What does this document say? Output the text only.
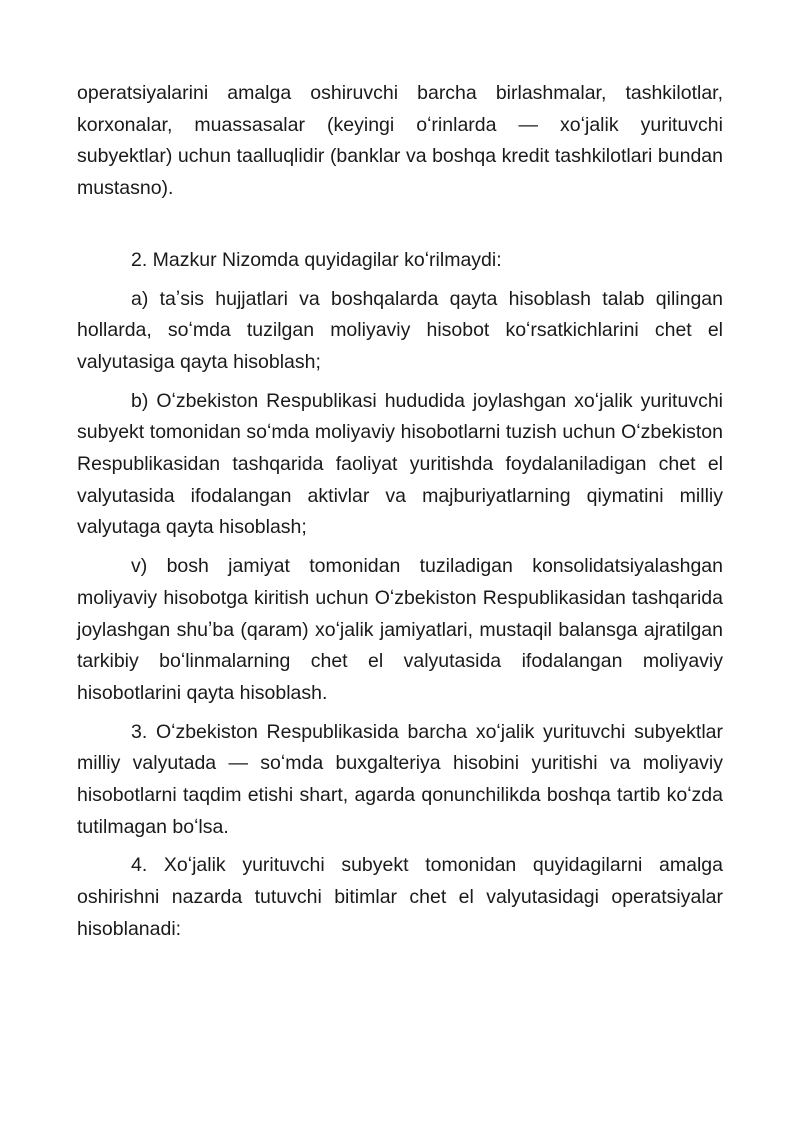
operatsiyalarini amalga oshiruvchi barcha birlashmalar, tashkilotlar, korxonalar, muassasalar (keyingi oʻrinlarda — xoʻjalik yurituvchi subyektlar) uchun taalluqlidir (banklar va boshqa kredit tashkilotlari bundan mustasno).

2. Mazkur Nizomda quyidagilar koʻrilmaydi:

a) taʼsis hujjatlari va boshqalarda qayta hisoblash talab qilingan hollarda, soʻmda tuzilgan moliyaviy hisobot koʻrsatkichlarini chet el valyutasiga qayta hisoblash;

b) Oʻzbekiston Respublikasi hududida joylashgan xoʻjalik yurituvchi subyekt tomonidan soʻmda moliyaviy hisobotlarni tuzish uchun Oʻzbekiston Respublikasidan tashqarida faoliyat yuritishda foydalaniladigan chet el valyutasida ifodalangan aktivlar va majburiyatlarning qiymatini milliy valyutaga qayta hisoblash;

v) bosh jamiyat tomonidan tuziladigan konsolidatsiyalashgan moliyaviy hisobotga kiritish uchun Oʻzbekiston Respublikasidan tashqarida joylashgan shuʼba (qaram) xoʻjalik jamiyatlari, mustaqil balansga ajratilgan tarkibiy boʻlinmalarning chet el valyutasida ifodalangan moliyaviy hisobotlarini qayta hisoblash.

3. Oʻzbekiston Respublikasida barcha xoʻjalik yurituvchi subyektlar milliy valyutada — soʻmda buxgalteriya hisobini yuritishi va moliyaviy hisobotlarni taqdim etishi shart, agarda qonunchilikda boshqa tartib koʻzda tutilmagan boʻlsa.

4. Xoʻjalik yurituvchi subyekt tomonidan quyidagilarni amalga oshirishni nazarda tutuvchi bitimlar chet el valyutasidagi operatsiyalar hisoblanadi:
